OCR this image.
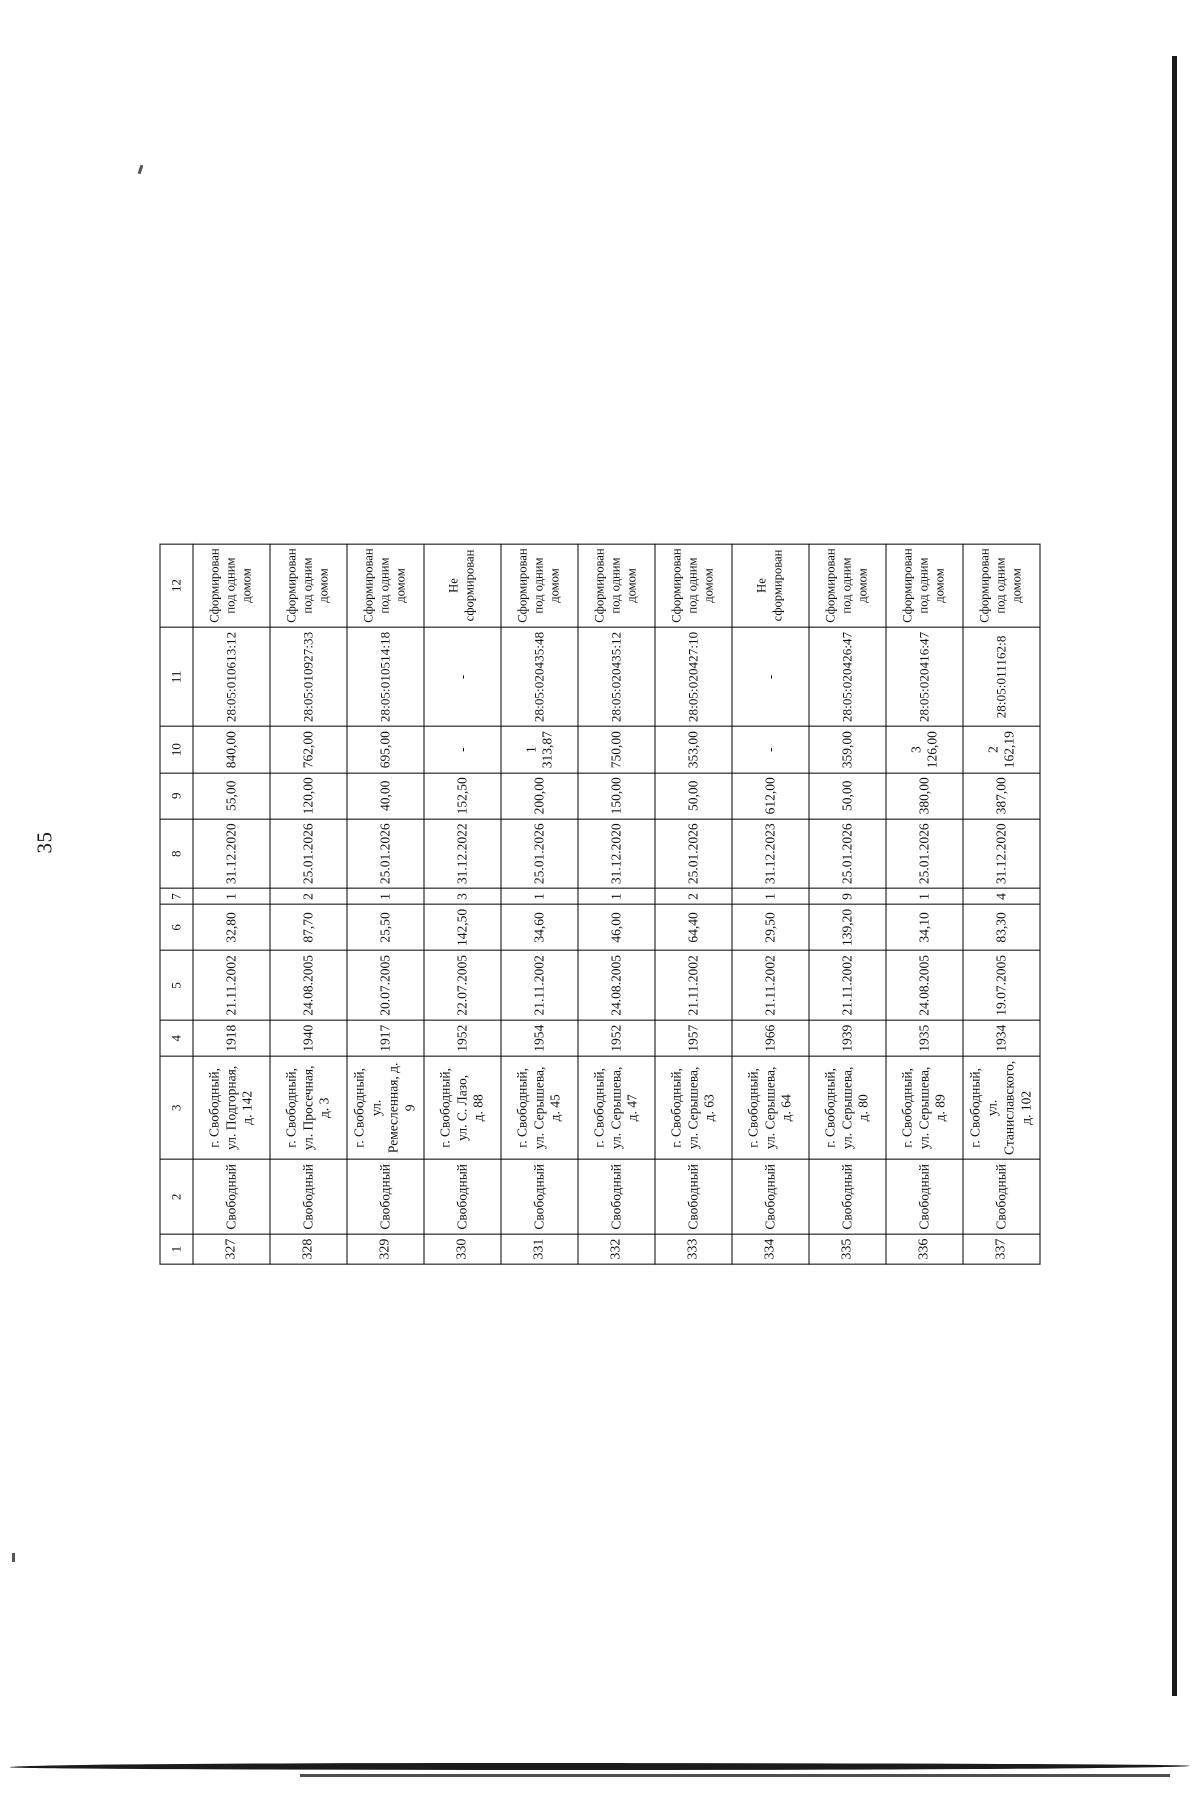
35
1	2	3	4	5	6	7	8	9	10	11	12
327	Свободный	г. Свободный, ул. Подгорная, д. 142	1918	21.11.2002	32,80	1	31.12.2020	55,00	840,00	28:05:010613:12	Сформирован под одним домом
328	Свободный	г. Свободный, ул. Просечная, д. 3	1940	24.08.2005	87,70	2	25.01.2026	120,00	762,00	28:05:010927:33	Сформирован под одним домом
329	Свободный	г. Свободный, ул. Ремесленная, д. 9	1917	20.07.2005	25,50	1	25.01.2026	40,00	695,00	28:05:010514:18	Сформирован под одним домом
330	Свободный	г. Свободный, ул. С. Лазо, д. 88	1952	22.07.2005	142,50	3	31.12.2022	152,50	-	-	Не сформирован
331	Свободный	г. Свободный, ул. Серышева, д. 45	1954	21.11.2002	34,60	1	25.01.2026	200,00	1 313,87	28:05:020435:48	Сформирован под одним домом
332	Свободный	г. Свободный, ул. Серышева, д. 47	1952	24.08.2005	46,00	1	31.12.2020	150,00	750,00	28:05:020435:12	Сформирован под одним домом
333	Свободный	г. Свободный, ул. Серышева, д. 63	1957	21.11.2002	64,40	2	25.01.2026	50,00	353,00	28:05:020427:10	Сформирован под одним домом
334	Свободный	г. Свободный, ул. Серышева, д. 64	1966	21.11.2002	29,50	1	31.12.2023	612,00	-	-	Не сформирован
335	Свободный	г. Свободный, ул. Серышева, д. 80	1939	21.11.2002	139,20	9	25.01.2026	50,00	359,00	28:05:020426:47	Сформирован под одним домом
336	Свободный	г. Свободный, ул. Серышева, д. 89	1935	24.08.2005	34,10	1	25.01.2026	380,00	3 126,00	28:05:020416:47	Сформирован под одним домом
337	Свободный	г. Свободный, ул. Станиславского, д. 102	1934	19.07.2005	83,30	4	31.12.2020	387,00	2 162,19	28:05:011162:8	Сформирован под одним домом
